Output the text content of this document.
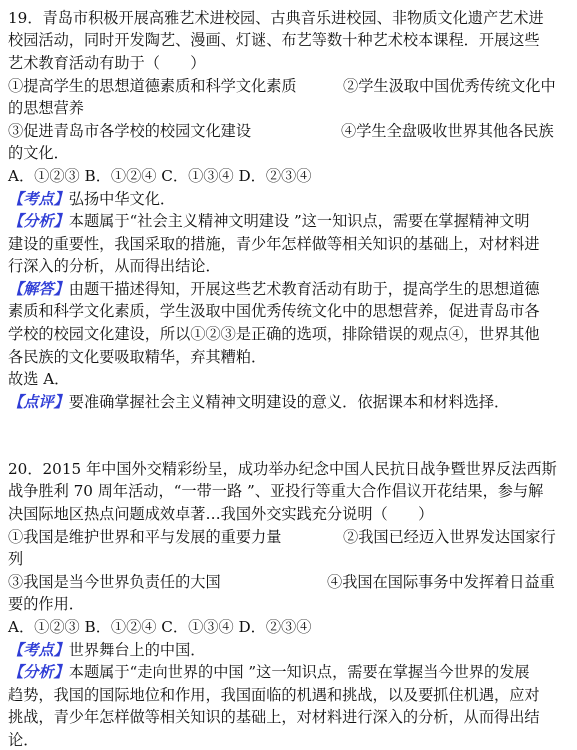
19．青岛市积极开展高雅艺术进校园、古典音乐进校园、非物质文化遗产艺术进
校园活动，同时开发陶艺、漫画、灯谜、布艺等数十种艺术校本课程．开展这些
艺术教育活动有助于（　　）
①提高学生的思想道德素质和科学文化素质	②学生汲取中国优秀传统文化中
的思想营养
③促进青岛市各学校的校园文化建设	④学生全盘吸收世界其他各民族
的文化．
A．①②③ B．①②④ C．①③④ D．②③④
【考点】弘扬中华文化．
【分析】本题属于“社会主义精神文明建设 ”这一知识点，需要在掌握精神文明
建设的重要性，我国采取的措施，青少年怎样做等相关知识的基础上，对材料进
行深入的分析，从而得出结论．
【解答】由题干描述得知，开展这些艺术教育活动有助于，提高学生的思想道德
素质和科学文化素质，学生汲取中国优秀传统文化中的思想营养，促进青岛市各
学校的校园文化建设，所以①②③是正确的选项，排除错误的观点④，世界其他
各民族的文化要吸取精华，弃其糟粕．
故选 A．
【点评】要准确掌握社会主义精神文明建设的意义．依据课本和材料选择．
20．2015 年中国外交精彩纷呈，成功举办纪念中国人民抗日战争暨世界反法西斯
战争胜利 70 周年活动，“一带一路 ”、亚投行等重大合作倡议开花结果，参与解
决国际地区热点问题成效卓著…我国外交实践充分说明（　　）
①我国是维护世界和平与发展的重要力量	②我国已经迈入世界发达国家行
列
③我国是当今世界负责任的大国	④我国在国际事务中发挥着日益重
要的作用．
A．①②③ B．①②④ C．①③④ D．②③④
【考点】世界舞台上的中国．
【分析】本题属于“走向世界的中国 ”这一知识点，需要在掌握当今世界的发展
趋势，我国的国际地位和作用，我国面临的机遇和挑战，以及要抓住机遇，应对
挑战，青少年怎样做等相关知识的基础上，对材料进行深入的分析，从而得出结
论．
